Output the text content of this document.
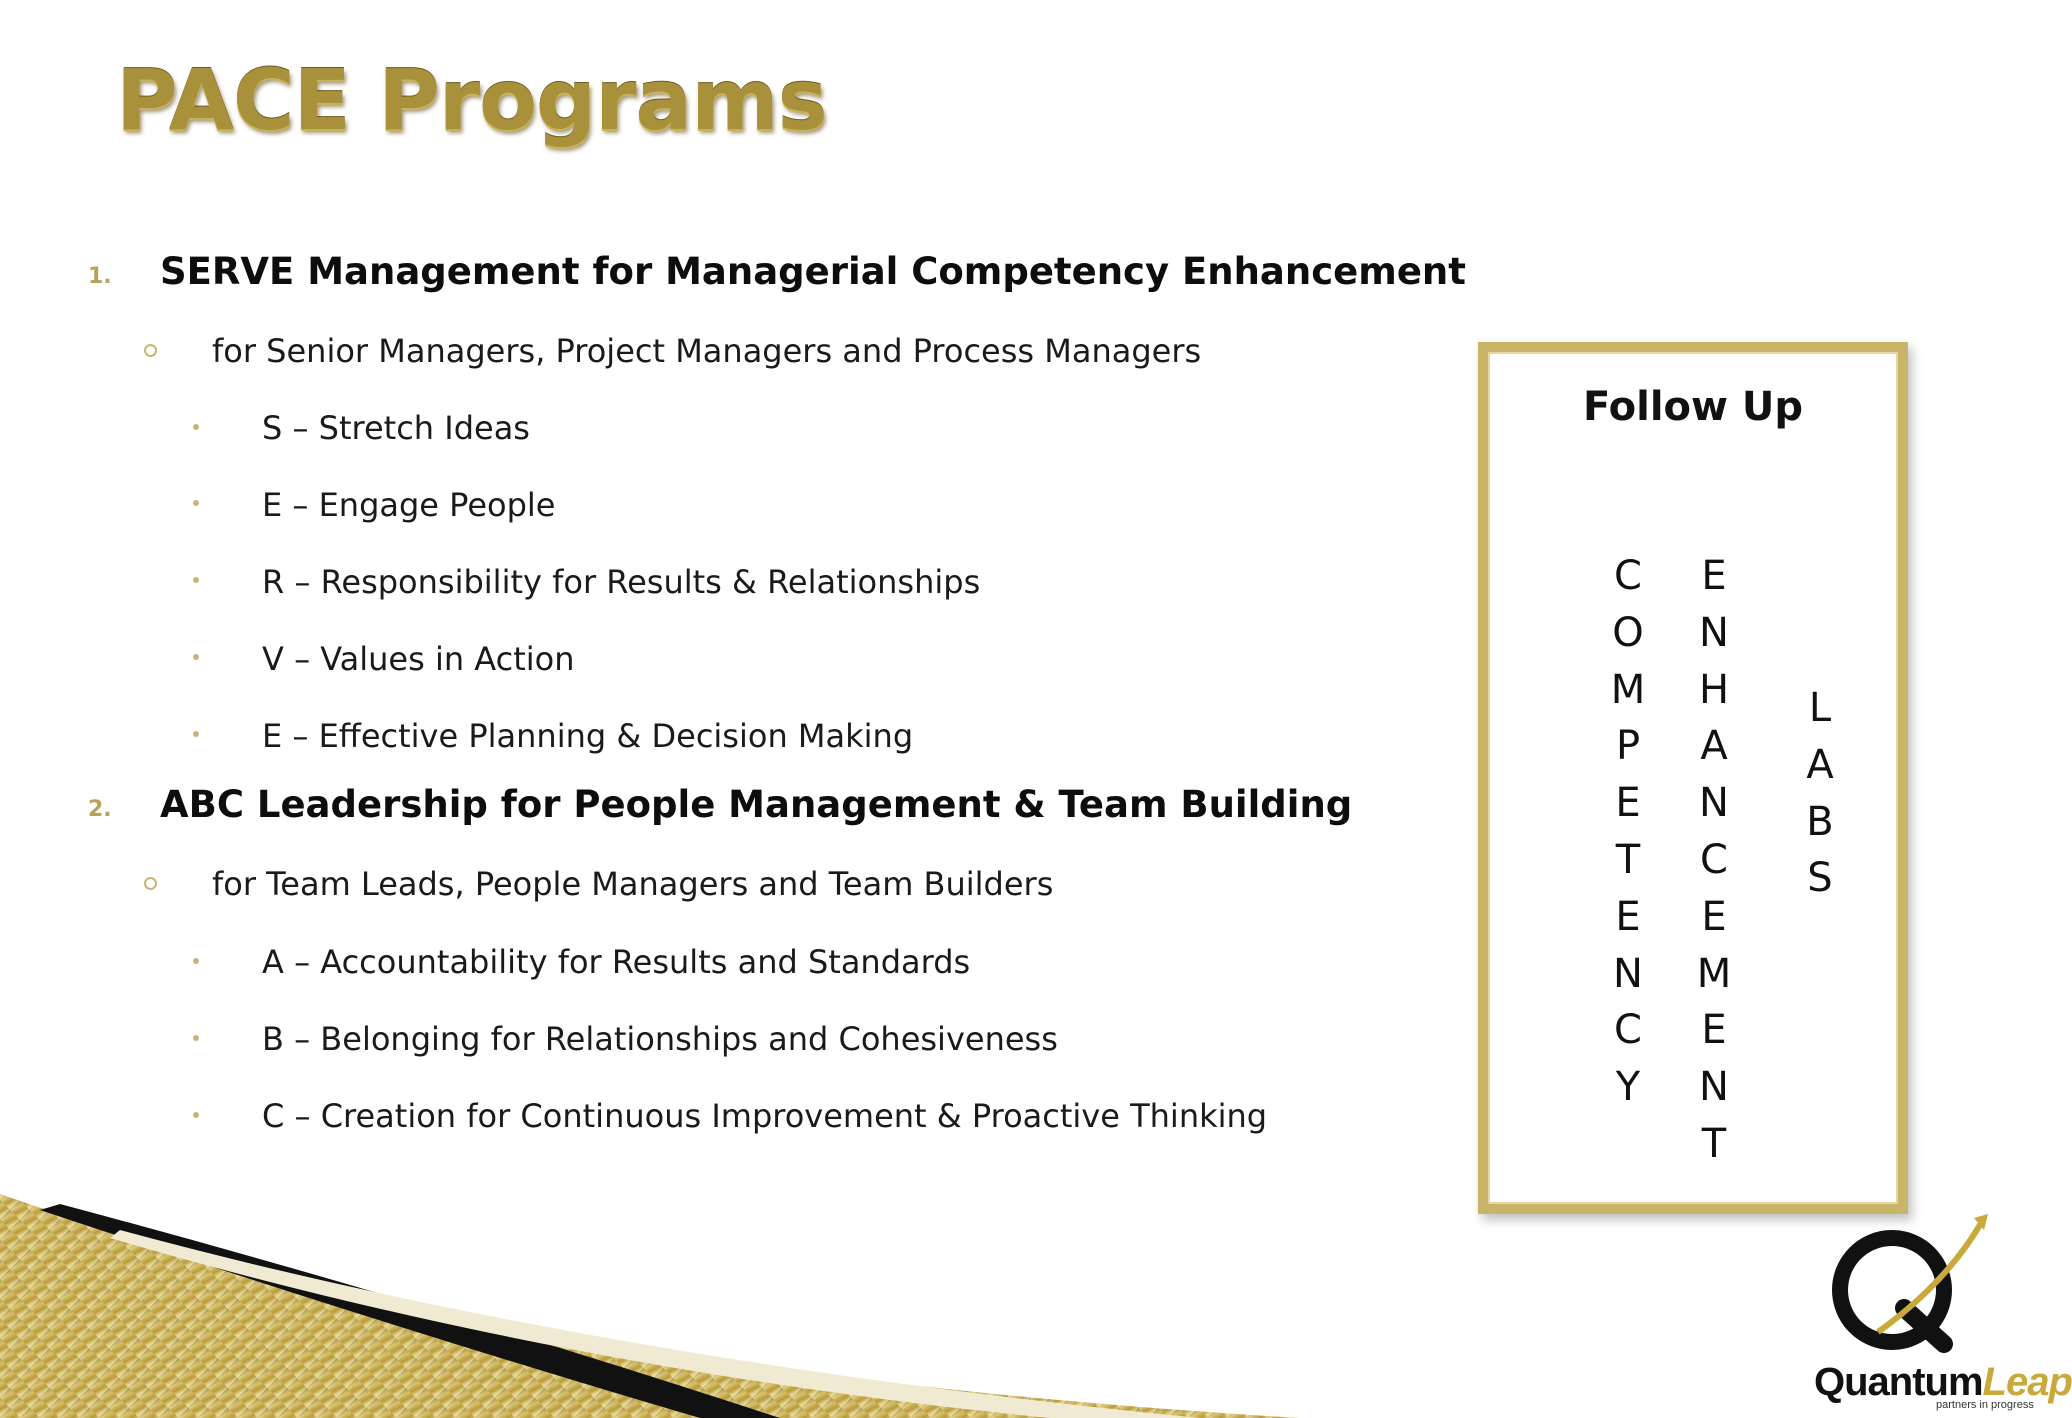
PACE Programs
1. SERVE Management for Managerial Competency Enhancement
for Senior Managers, Project Managers and Process Managers
S – Stretch Ideas
E – Engage People
R – Responsibility for Results & Relationships
V – Values in Action
E – Effective Planning & Decision Making
2. ABC Leadership for People Management & Team Building
for Team Leads, People Managers and Team Builders
A – Accountability for Results and Standards
B – Belonging for Relationships and Cohesiveness
C – Creation for Continuous Improvement & Proactive Thinking
Follow Up
C
O
M
P
E
T
E
N
C
Y
E
N
H
A
N
C
E
M
E
N
T
L
A
B
S
QuantumLeap
partners in progress
